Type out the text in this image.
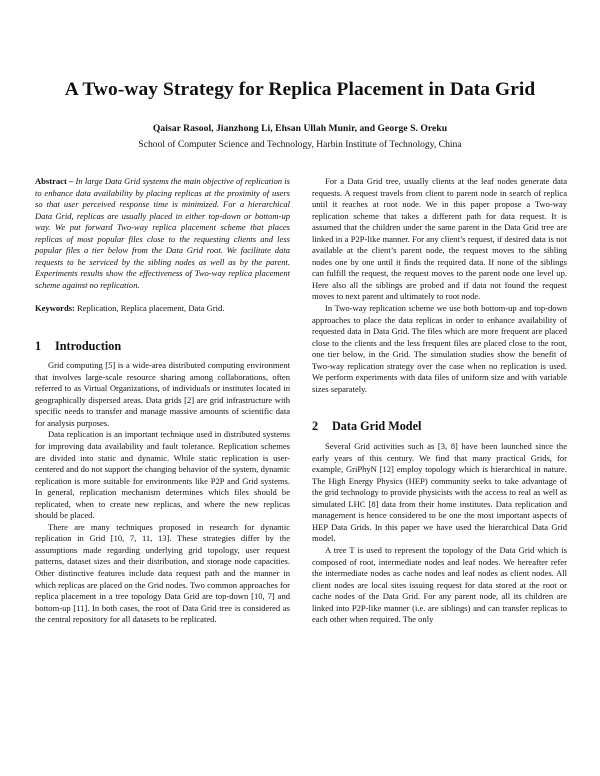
A Two-way Strategy for Replica Placement in Data Grid
Qaisar Rasool, Jianzhong Li, Ehsan Ullah Munir, and George S. Oreku
School of Computer Science and Technology, Harbin Institute of Technology, China

Abstract – In large Data Grid systems the main objective of replication is to enhance data availability by placing replicas at the proximity of users so that user perceived response time is minimized. For a hierarchical Data Grid, replicas are usually placed in either top-down or bottom-up way. We put forward Two-way replica placement scheme that places replicas of most popular files close to the requesting clients and less popular files a tier below from the Data Grid root. We facilitate data requests to be serviced by the sibling nodes as well as by the parent. Experiments results show the effectiveness of Two-way replica placement scheme against no replication.

Keywords: Replication, Replica placement, Data Grid.

1 Introduction

Grid computing [5] is a wide-area distributed computing environment that involves large-scale resource sharing among collaborations, often referred to as Virtual Organizations, of individuals or institutes located in geographically dispersed areas. Data grids [2] are grid infrastructure with specific needs to transfer and manage massive amounts of scientific data for analysis purposes.

Data replication is an important technique used in distributed systems for improving data availability and fault tolerance. Replication schemes are divided into static and dynamic. While static replication is user-centered and do not support the changing behavior of the system, dynamic replication is more suitable for environments like P2P and Grid systems. In general, replication mechanism determines which files should be replicated, when to create new replicas, and where the new replicas should be placed.

There are many techniques proposed in research for dynamic replication in Grid [10, 7, 11, 13]. These strategies differ by the assumptions made regarding underlying grid topology, user request patterns, dataset sizes and their distribution, and storage node capacities. Other distinctive features include data request path and the manner in which replicas are placed on the Grid nodes. Two common approaches for replica placement in a tree topology Data Grid are top-down [10, 7] and bottom-up [11]. In both cases, the root of Data Grid tree is considered as the central repository for all datasets to be replicated.

For a Data Grid tree, usually clients at the leaf nodes generate data requests. A request travels from client to parent node in search of replica until it reaches at root node. We in this paper propose a Two-way replication scheme that takes a different path for data request. It is assumed that the children under the same parent in the Data Grid tree are linked in a P2P-like manner. For any client’s request, if desired data is not available at the client’s parent node, the request moves to the sibling nodes one by one until it finds the required data. If none of the siblings can fulfill the request, the request moves to the parent node one level up. Here also all the siblings are probed and if data not found the request moves to next parent and ultimately to root node.

In Two-way replication scheme we use both bottom-up and top-down approaches to place the data replicas in order to enhance availability of requested data in Data Grid. The files which are more frequent are placed close to the clients and the less frequent files are placed close to the root, one tier below, in the Grid. The simulation studies show the benefit of Two-way replication strategy over the case when no replication is used. We perform experiments with data files of uniform size and with variable sizes separately.

2 Data Grid Model

Several Grid activities such as [3, 8] have been launched since the early years of this century. We find that many practical Grids, for example, GriPhyN [12] employ topology which is hierarchical in nature. The High Energy Physics (HEP) community seeks to take advantage of the grid technology to provide physicists with the access to real as well as simulated LHC [8] data from their home institutes. Data replication and management is hence considered to be one the most important aspects of HEP Data Grids. In this paper we have used the hierarchical Data Grid model.

A tree T is used to represent the topology of the Data Grid which is composed of root, intermediate nodes and leaf nodes. We hereafter refer the intermediate nodes as cache nodes and leaf nodes as client nodes. All client nodes are local sites issuing request for data stored at the root or cache nodes of the Data Grid. For any parent node, all its children are linked into P2P-like manner (i.e. are siblings) and can transfer replicas to each other when required. The only
